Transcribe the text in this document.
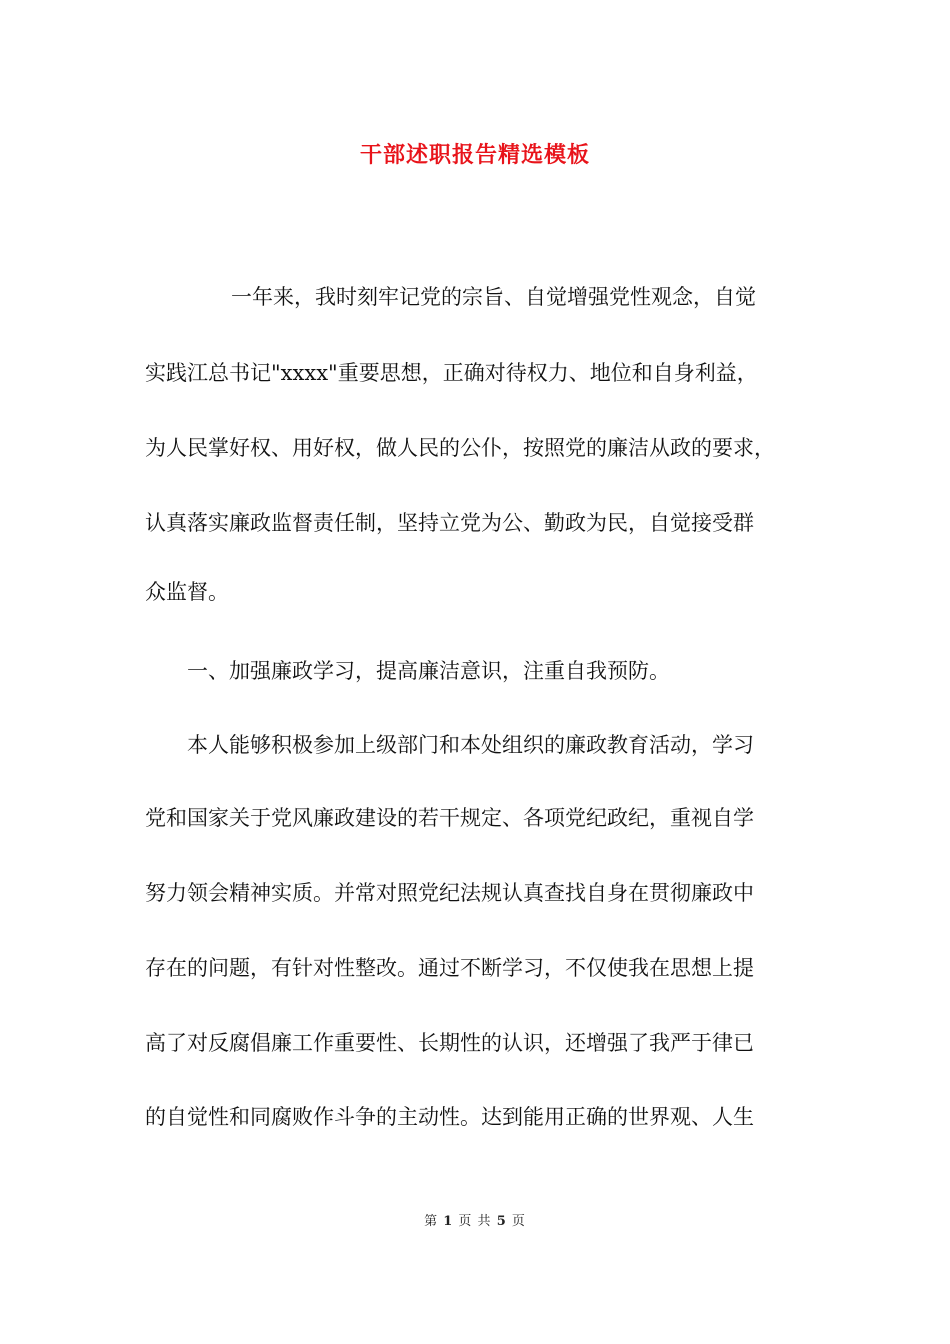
干部述职报告精选模板
　　一年来，我时刻牢记党的宗旨、自觉增强党性观念，自觉
实践江总书记"xxxx"重要思想，正确对待权力、地位和自身利益，
为人民掌好权、用好权，做人民的公仆，按照党的廉洁从政的要求，
认真落实廉政监督责任制，坚持立党为公、勤政为民，自觉接受群
众监督。
　　一、加强廉政学习，提高廉洁意识，注重自我预防。
　　本人能够积极参加上级部门和本处组织的廉政教育活动，学习
党和国家关于党风廉政建设的若干规定、各项党纪政纪，重视自学
努力领会精神实质。并常对照党纪法规认真查找自身在贯彻廉政中
存在的问题，有针对性整改。通过不断学习，不仅使我在思想上提
高了对反腐倡廉工作重要性、长期性的认识，还增强了我严于律已
的自觉性和同腐败作斗争的主动性。达到能用正确的世界观、人生
第 1 页 共 5 页
